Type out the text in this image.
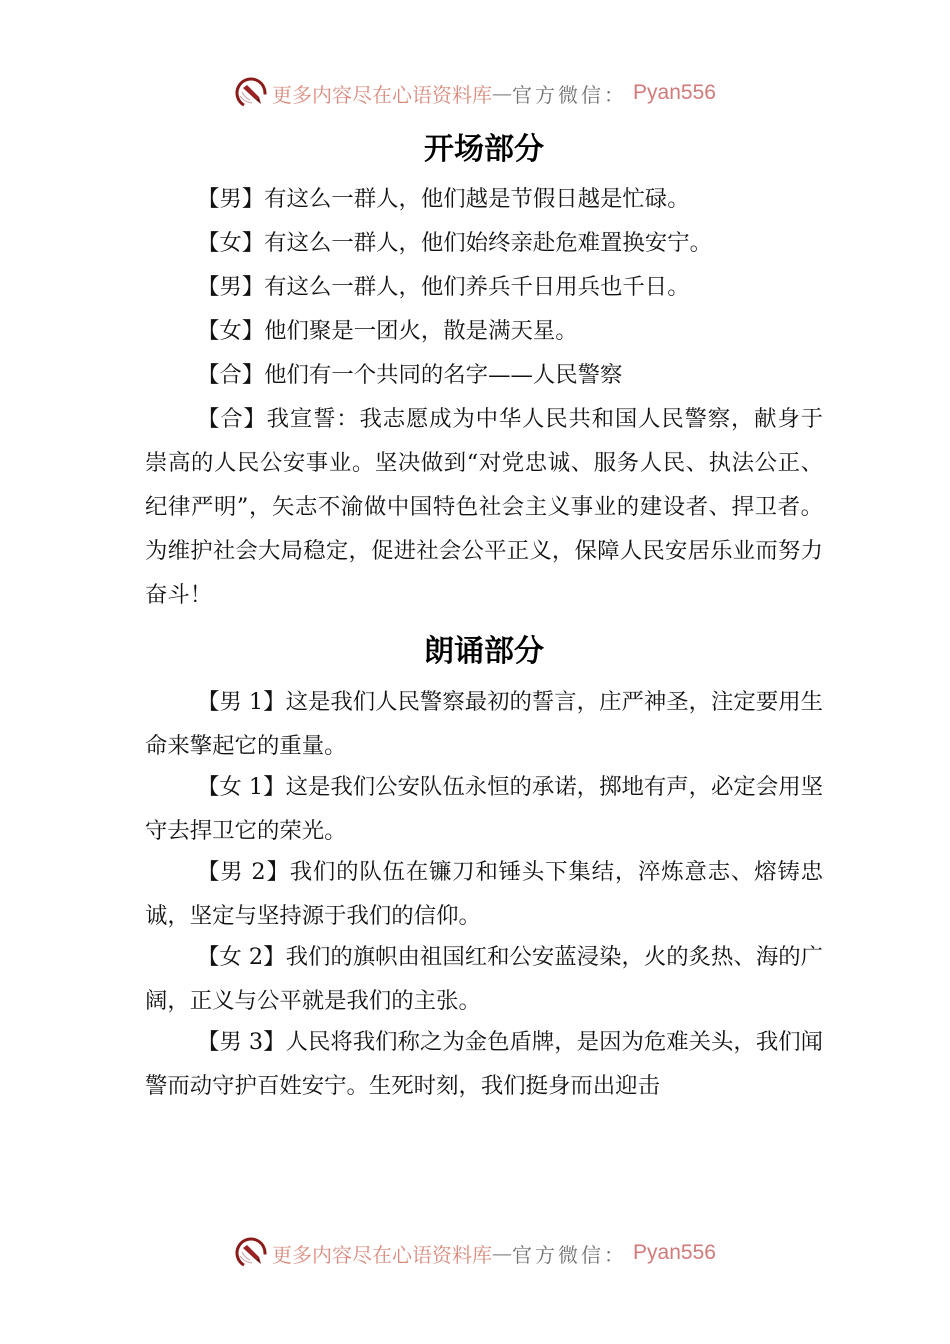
更多内容尽在心语资料库 — 官方微信： Pyan556
开场部分
【男】有这么一群人，他们越是节假日越是忙碌。
【女】有这么一群人，他们始终亲赴危难置换安宁。
【男】有这么一群人，他们养兵千日用兵也千日。
【女】他们聚是一团火，散是满天星。
【合】他们有一个共同的名字——人民警察
【合】我宣誓：我志愿成为中华人民共和国人民警察，献身于崇高的人民公安事业。坚决做到“对党忠诚、服务人民、执法公正、纪律严明”，矢志不渝做中国特色社会主义事业的建设者、捍卫者。为维护社会大局稳定，促进社会公平正义，保障人民安居乐业而努力奋斗！
朗诵部分
【男 1】这是我们人民警察最初的誓言，庄严神圣，注定要用生命来擎起它的重量。
【女 1】这是我们公安队伍永恒的承诺，掷地有声，必定会用坚守去捍卫它的荣光。
【男 2】我们的队伍在镰刀和锤头下集结，淬炼意志、熔铸忠诚，坚定与坚持源于我们的信仰。
【女 2】我们的旗帜由祖国红和公安蓝浸染，火的炙热、海的广阔，正义与公平就是我们的主张。
【男 3】人民将我们称之为金色盾牌，是因为危难关头，我们闻警而动守护百姓安宁。生死时刻，我们挺身而出迎击
更多内容尽在心语资料库 — 官方微信： Pyan556
